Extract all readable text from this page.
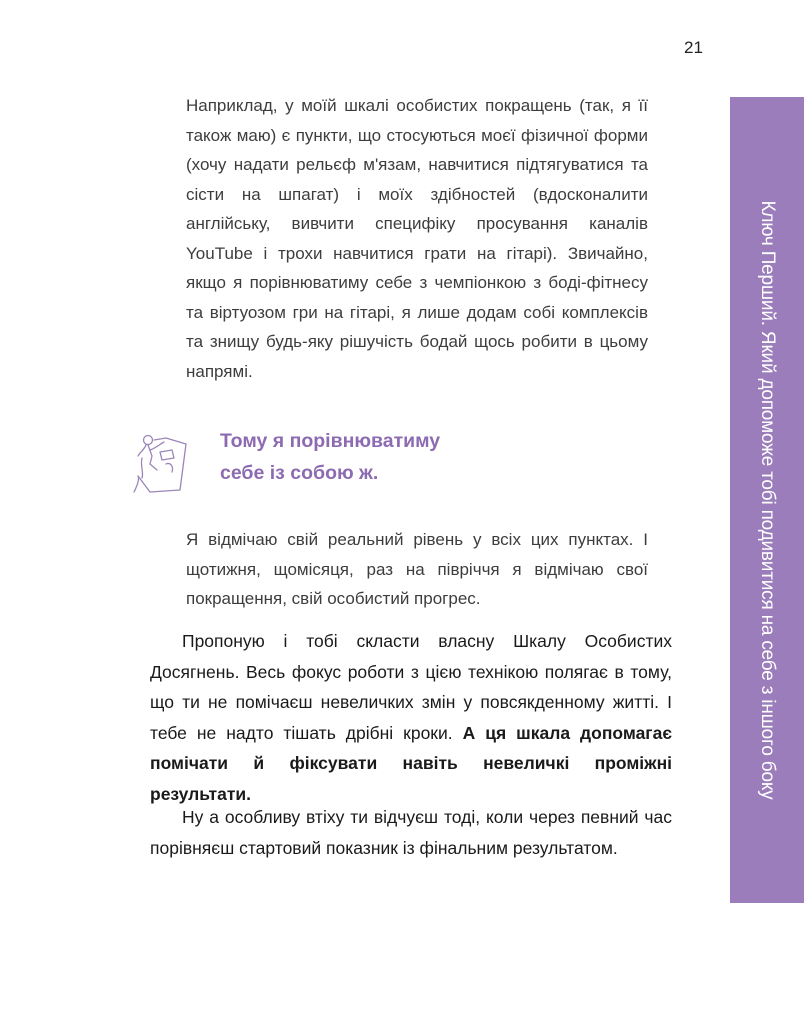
21
Ключ Перший. Який допоможе тобі подивитися на себе з іншого боку
Наприклад, у моїй шкалі особистих покращень (так, я її також маю) є пункти, що стосуються моєї фізичної форми (хочу надати рельєф м'язам, навчитися підтягуватися та сісти на шпагат) і моїх здібностей (вдосконалити англійську, вивчити специфіку просування каналів YouTube і трохи навчитися грати на гітарі). Звичайно, якщо я порівнюватиму себе з чемпіонкою з боді-фітнесу та віртуозом гри на гітарі, я лише додам собі комплексів та знищу будь-яку рішучість бодай щось робити в цьому напрямі.
Тому я порівнюватиму
себе із собою ж.
Я відмічаю свій реальний рівень у всіх цих пунктах. І щотижня, щомісяця, раз на півріччя я відмічаю свої покращення, свій особистий прогрес.

Пропоную і тобі скласти власну Шкалу Особистих Досягнень. Весь фокус роботи з цією технікою полягає в тому, що ти не помічаєш невеличких змін у повсякденному житті. І тебе не надто тішать дрібні кроки. А ця шкала допомагає помічати й фіксувати навіть невеличкі проміжні результати.

Ну а особливу втіху ти відчуєш тоді, коли через певний час порівняєш стартовий показник із фінальним результатом.
